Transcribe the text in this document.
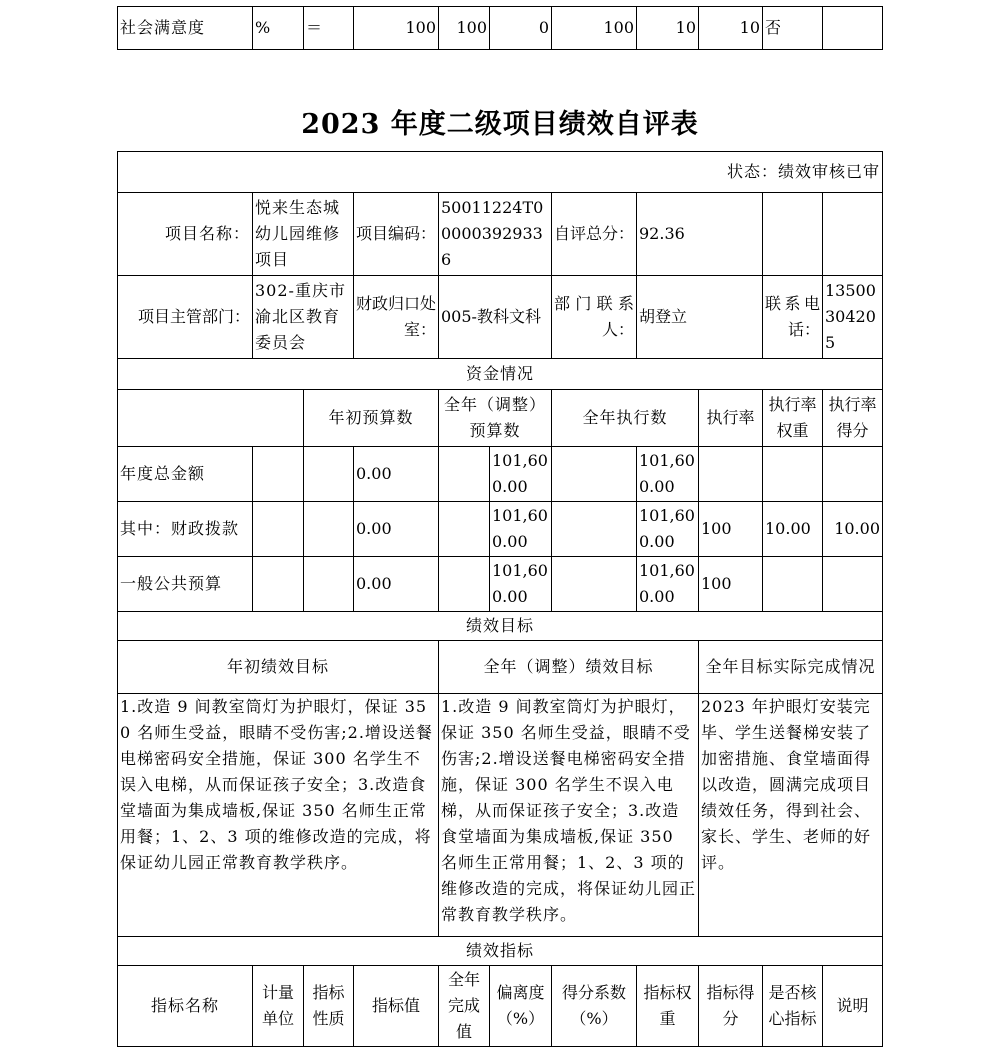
社会满意度	%	＝	100	100	0	100	10	10	否	
2023 年度二级项目绩效自评表
状态：绩效审核已审										
项目名称：	悦来生态城幼儿园维修项目		项目编码：	50011224T000003929336		自评总分：	92.36			
项目主管部门：	302-重庆市渝北区教育委员会		财政归口处室：	005-教科文科		部门联系人：	胡登立		联系电话：	13500304205
资金情况										
		年初预算数		全年（调整）预算数		全年执行数		执行率	执行率权重	执行率得分
年度总金额			0.00		101,600.00		101,600.00			
其中：财政拨款			0.00		101,600.00		101,600.00	100	10.00	10.00
一般公共预算			0.00		101,600.00		101,600.00	100		
绩效目标										
年初绩效目标				全年（调整）绩效目标				全年目标实际完成情况		
1.改造 9 间教室筒灯为护眼灯，保证 350 名师生受益，眼睛不受伤害;2.增设送餐电梯密码安全措施，保证 300 名学生不误入电梯，从而保证孩子安全；3.改造食堂墙面为集成墙板,保证 350 名师生正常用餐；1、2、3 项的维修改造的完成，将保证幼儿园正常教育教学秩序。				1.改造 9 间教室筒灯为护眼灯，保证 350 名师生受益，眼睛不受伤害;2.增设送餐电梯密码安全措施，保证 300 名学生不误入电梯，从而保证孩子安全；3.改造食堂墙面为集成墙板,保证 350 名师生正常用餐；1、2、3 项的维修改造的完成，将保证幼儿园正常教育教学秩序。				2023 年护眼灯安装完毕、学生送餐梯安装了加密措施、食堂墙面得以改造，圆满完成项目绩效任务，得到社会、家长、学生、老师的好评。		
绩效指标										
指标名称	计量单位	指标性质	指标值	全年完成值	偏离度（%）	得分系数（%）	指标权重	指标得分	是否核心指标	说明
